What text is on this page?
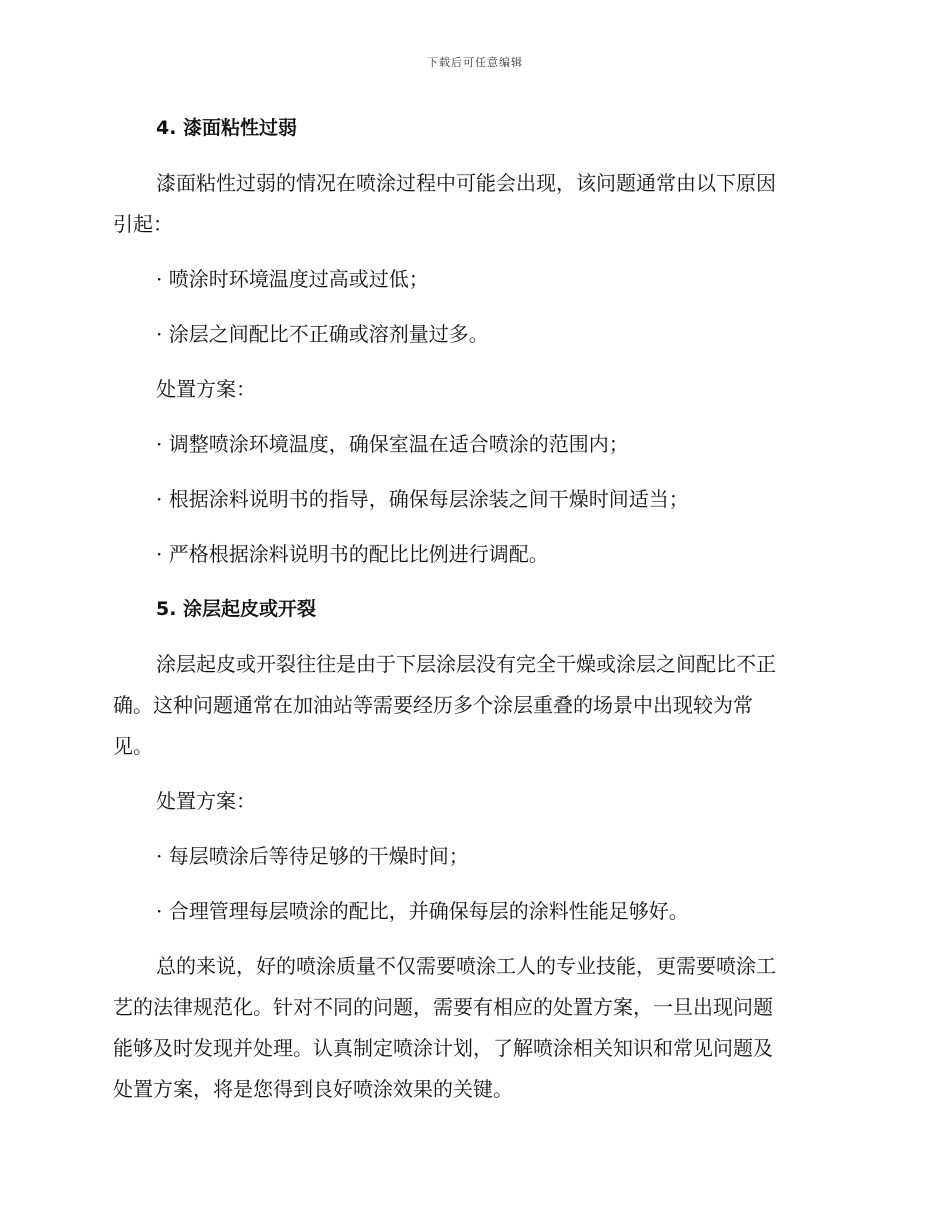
下载后可任意编辑
4. 漆面粘性过弱
漆面粘性过弱的情况在喷涂过程中可能会出现，该问题通常由以下原因
引起：
· 喷涂时环境温度过高或过低；
· 涂层之间配比不正确或溶剂量过多。
处置方案：
· 调整喷涂环境温度，确保室温在适合喷涂的范围内；
· 根据涂料说明书的指导，确保每层涂装之间干燥时间适当；
· 严格根据涂料说明书的配比比例进行调配。
5. 涂层起皮或开裂
涂层起皮或开裂往往是由于下层涂层没有完全干燥或涂层之间配比不正
确。这种问题通常在加油站等需要经历多个涂层重叠的场景中出现较为常
见。
处置方案：
· 每层喷涂后等待足够的干燥时间；
· 合理管理每层喷涂的配比，并确保每层的涂料性能足够好。
总的来说，好的喷涂质量不仅需要喷涂工人的专业技能，更需要喷涂工
艺的法律规范化。针对不同的问题，需要有相应的处置方案，一旦出现问题
能够及时发现并处理。认真制定喷涂计划，了解喷涂相关知识和常见问题及
处置方案，将是您得到良好喷涂效果的关键。
